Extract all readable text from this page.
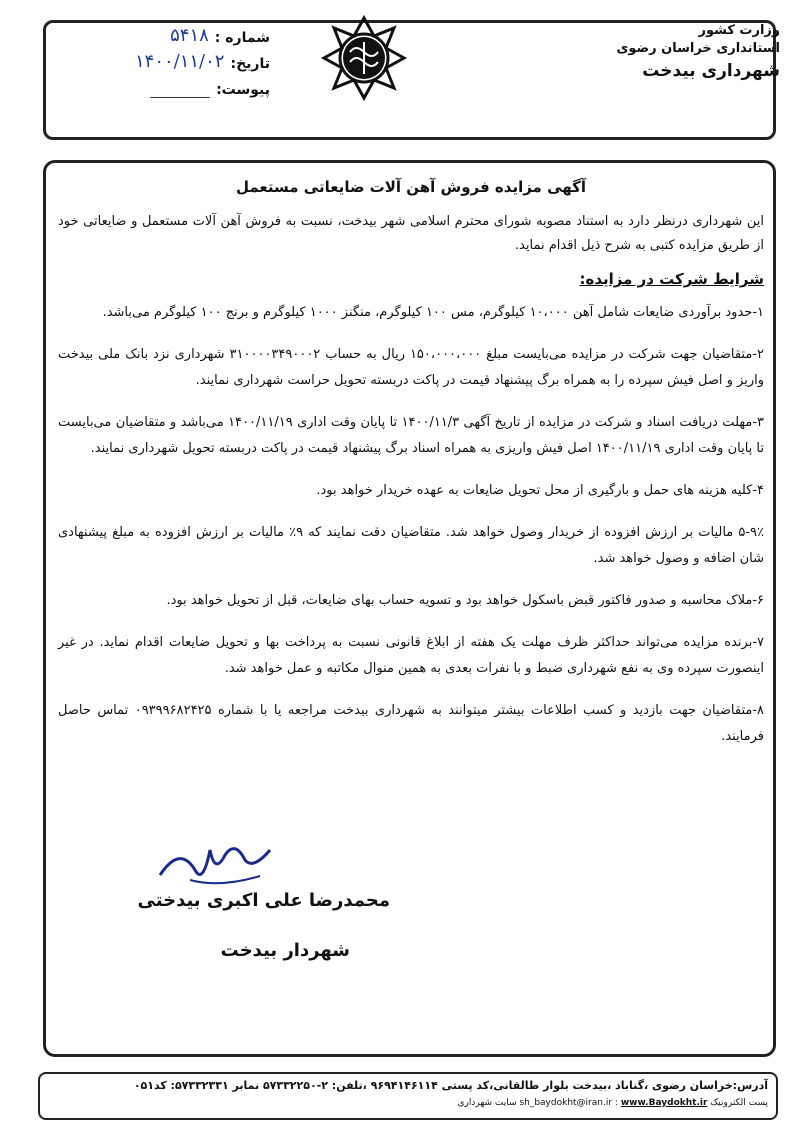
وزارت کشور
استانداری خراسان رضوی
شهرداری بیدخت
شماره :
۵۴۱۸
تاریخ:
۱۴۰۰/۱۱/۰۲
پیوست:
آگهی مزایده فروش آهن آلات ضایعاتی مستعمل
این شهرداری درنظر دارد به استناد مصوبه شورای محترم اسلامی شهر بیدخت، نسبت به فروش آهن آلات مستعمل و ضایعاتی خود از طریق مزایده کتبی به شرح ذیل اقدام نماید.
شرایط شرکت در مزایده:
۱-حدود برآوردی ضایعات شامل آهن ۱۰،۰۰۰ کیلوگرم، مس ۱۰۰ کیلوگرم، منگنز ۱۰۰۰ کیلوگرم و برنج ۱۰۰ کیلوگرم می‌باشد.
۲-متقاضیان جهت شرکت در مزایده می‌بایست مبلغ ۱۵۰،۰۰۰،۰۰۰ ریال به حساب ۳۱۰۰۰۰۳۴۹۰۰۰۲ شهرداری نزد بانک ملی بیدخت واریز و اصل فیش سپرده را به همراه برگ پیشنهاد قیمت در پاکت دربسته تحویل حراست شهرداری نمایند.
۳-مهلت دریافت اسناد و شرکت در مزایده از تاریخ آگهی ۱۴۰۰/۱۱/۳ تا پایان وقت اداری ۱۴۰۰/۱۱/۱۹ می‌باشد و متقاضیان می‌بایست تا پایان وقت اداری ۱۴۰۰/۱۱/۱۹ اصل فیش واریزی به همراه اسناد برگ پیشنهاد قیمت در پاکت دربسته تحویل شهرداری نمایند.
۴-کلیه هزینه های حمل و بارگیری از محل تحویل ضایعات به عهده خریدار خواهد بود.
۵-۹٪ مالیات بر ارزش افزوده از خریدار وصول خواهد شد. متقاضیان دقت نمایند که ۹٪ مالیات بر ارزش افزوده به مبلغ پیشنهادی شان اضافه و وصول خواهد شد.
۶-ملاک محاسبه و صدور فاکتور قبض باسکول خواهد بود و تسویه حساب بهای ضایعات، قبل از تحویل خواهد بود.
۷-برنده مزایده می‌تواند حداکثر ظرف مهلت یک هفته از ابلاغ قانونی نسبت به پرداخت بها و تحویل ضایعات اقدام نماید. در غیر اینصورت سپرده وی به نفع شهرداری ضبط و با نفرات بعدی به همین منوال مکاتبه و عمل خواهد شد.
۸-متقاضیان جهت بازدید و کسب اطلاعات بیشتر میتوانند به شهرداری بیدخت مراجعه یا با شماره ۰۹۳۹۹۶۸۲۴۲۵ تماس حاصل فرمایند.
محمدرضا علی اکبری بیدختی
شهردار بیدخت
آدرس:خراسان رضوی ،گناباد ،بیدخت بلوار طالقانی،کد پستی ۹۶۹۴۱۴۶۱۱۴ ،تلفن: ۲-۵۷۳۳۲۲۵۰ نمابر ۵۷۳۳۲۳۳۱: کد۰۵۱
پست الکترونیک sh_baydokht@iran.ir : www.Baydokht.ir سایت شهرداری
